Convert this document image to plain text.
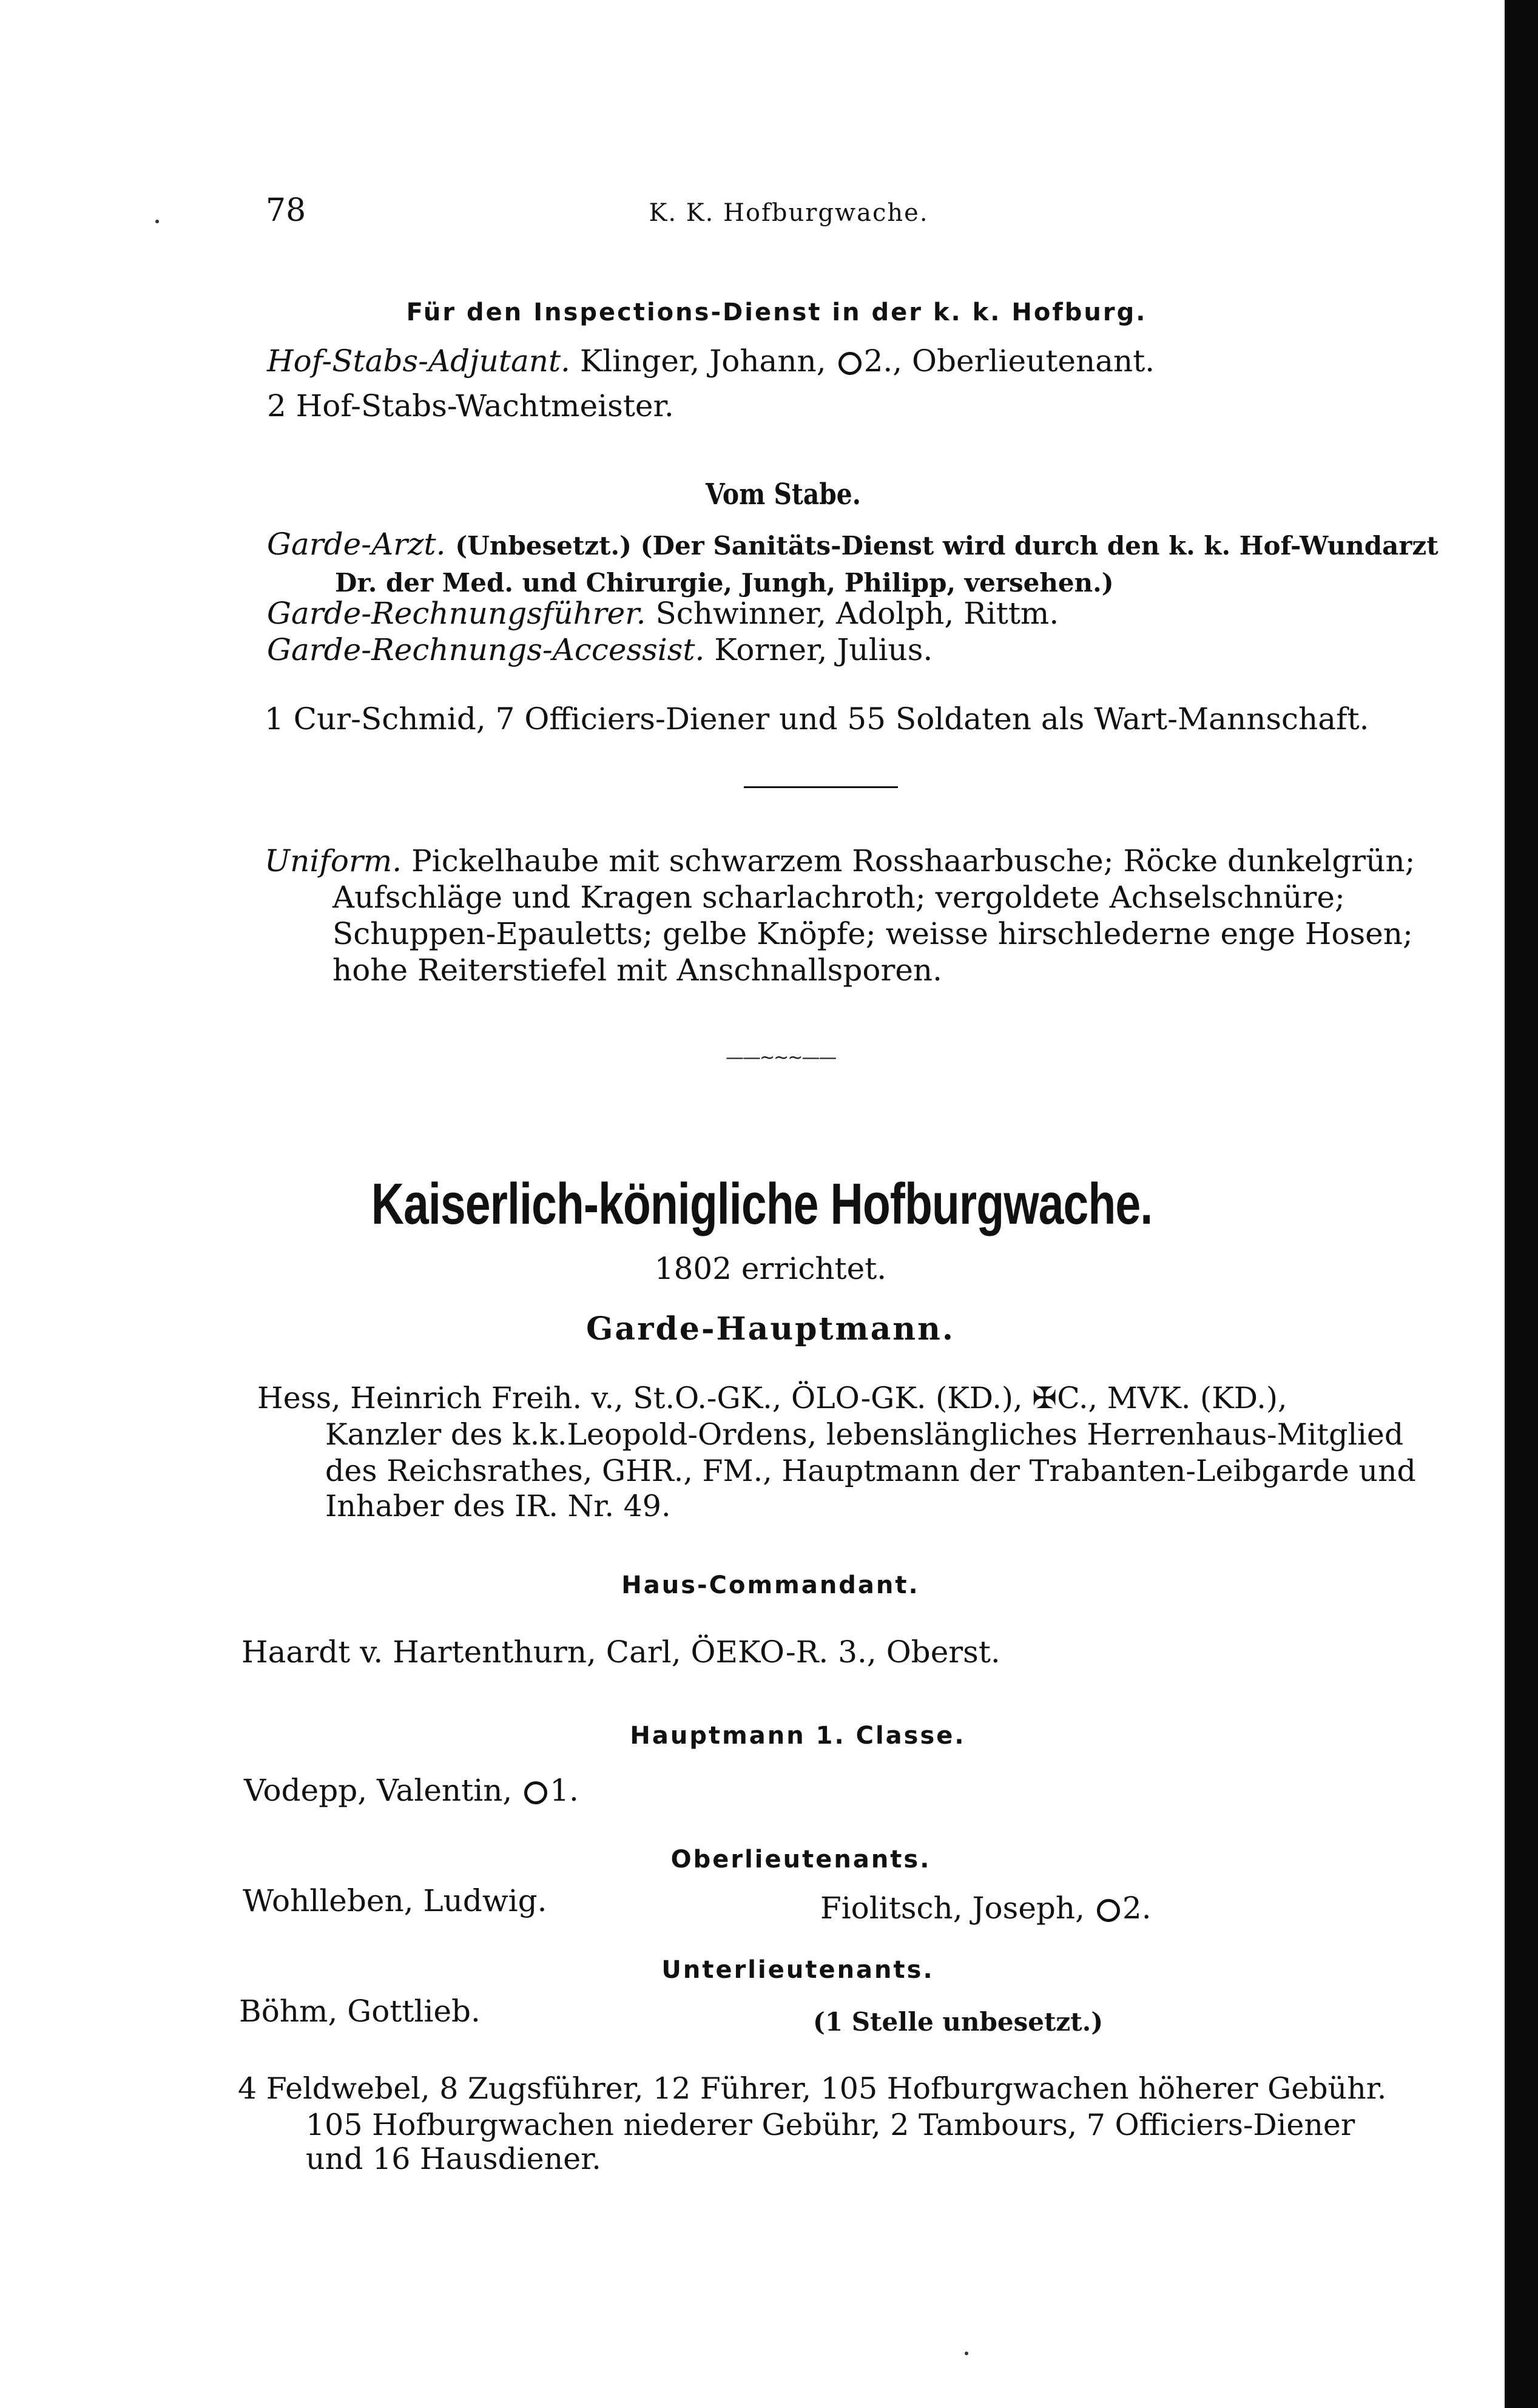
78	K. K. Hofburgwache.
Für den Inspections-Dienst in der k. k. Hofburg.
Hof-Stabs-Adjutant. Klinger, Johann, 2., Oberlieutenant.
2 Hof-Stabs-Wachtmeister.
Vom Stabe.
Garde-Arzt. (Unbesetzt.) (Der Sanitäts-Dienst wird durch den k. k. Hof-Wundarzt
Dr. der Med. und Chirurgie, Jungh, Philipp, versehen.)
Garde-Rechnungsführer. Schwinner, Adolph, Rittm.
Garde-Rechnungs-Accessist. Korner, Julius.
1 Cur-Schmid, 7 Officiers-Diener und 55 Soldaten als Wart-Mannschaft.
Uniform. Pickelhaube mit schwarzem Rosshaarbusche; Röcke dunkelgrün;
Aufschläge und Kragen scharlachroth; vergoldete Achselschnüre;
Schuppen-Epauletts; gelbe Knöpfe; weisse hirschlederne enge Hosen;
hohe Reiterstiefel mit Anschnallsporen.
——~~~——
Kaiserlich-königliche Hofburgwache.
1802 errichtet.
Garde-Hauptmann.
Hess, Heinrich Freih. v., St.O.-GK., ÖLO-GK. (KD.), ✠C., MVK. (KD.),
Kanzler des k.k.Leopold-Ordens, lebenslängliches Herrenhaus-Mitglied
des Reichsrathes, GHR., FM., Hauptmann der Trabanten-Leibgarde und
Inhaber des IR. Nr. 49.
Haus-Commandant.
Haardt v. Hartenthurn, Carl, ÖEKO-R. 3., Oberst.
Hauptmann 1. Classe.
Vodepp, Valentin, 1.
Oberlieutenants.
Wohlleben, Ludwig.	Fiolitsch, Joseph, 2.
Unterlieutenants.
Böhm, Gottlieb.	(1 Stelle unbesetzt.)
4 Feldwebel, 8 Zugsführer, 12 Führer, 105 Hofburgwachen höherer Gebühr.
105 Hofburgwachen niederer Gebühr, 2 Tambours, 7 Officiers-Diener
und 16 Hausdiener.
